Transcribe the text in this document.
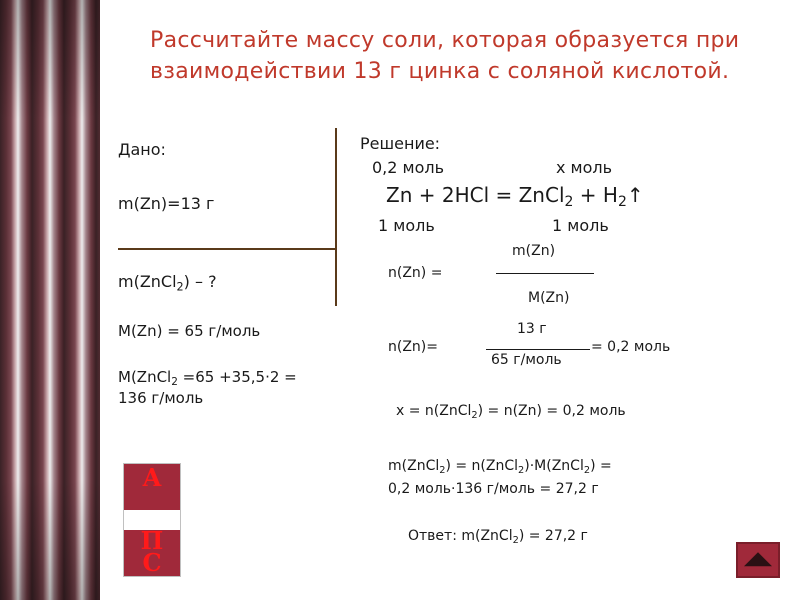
Рассчитайте массу соли, которая образуется при взаимодействии 13 г цинка с соляной кислотой.
Дано:
m(Zn)=13 г
m(ZnCl$_2$) – ?
M(Zn) = 65 г/моль
M(ZnCl$_2$ =65 +35,5·2 =
136 г/моль
Решение:
0,2 моль	х моль
Zn + 2HCl = ZnCl$_2$ + $H_2↑$
1 моль	1 моль
n(Zn) =
m(Zn)
M(Zn)
n(Zn)=
13 г
65 г/моль
= 0,2 моль
х = n(ZnCl$_2$) = n(Zn) = 0,2 моль
m(ZnCl$_2$) = n(ZnCl$_2$)·M(ZnCl$_2$) =
0,2 моль·136 г/моль = 27,2 г
Ответ: m(ZnCl$_2$) = 27,2 г
А
П
С
